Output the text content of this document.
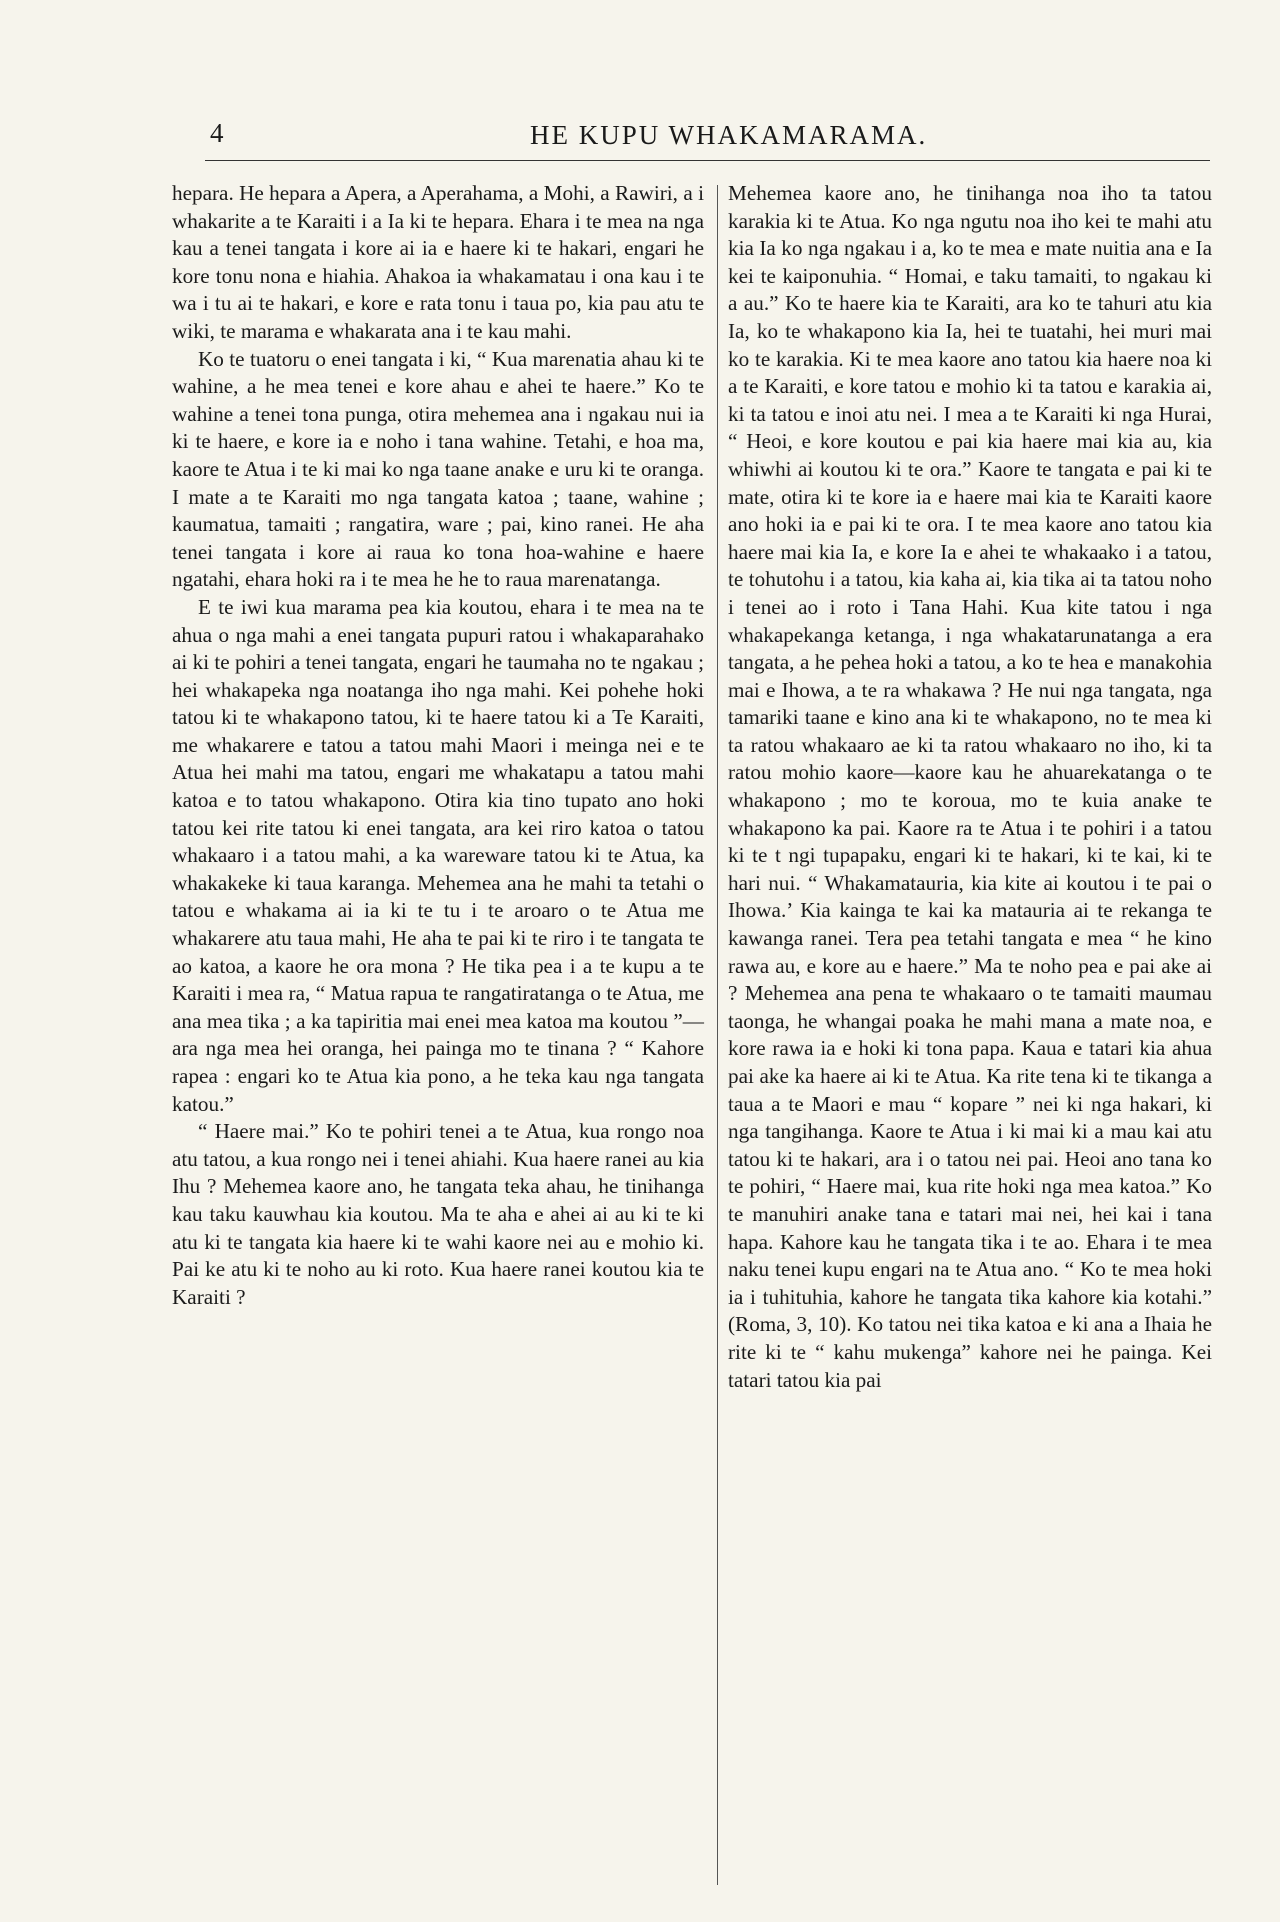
4	HE KUPU WHAKAMARAMA.

hepara. He hepara a Apera, a Aperahama, a Mohi, a Rawiri, a i whakarite a te Karaiti i a Ia ki te hepara. Ehara i te mea na nga kau a tenei tangata i kore ai ia e haere ki te hakari, engari he kore tonu nona e hiahia. Ahakoa ia whakamatau i ona kau i te wa i tu ai te hakari, e kore e rata tonu i taua po, kia pau atu te wiki, te marama e whakarata ana i te kau mahi.

Ko te tuatoru o enei tangata i ki, “ Kua marenatia ahau ki te wahine, a he mea tenei e kore ahau e ahei te haere.” Ko te wahine a tenei tona punga, otira mehemea ana i ngakau nui ia ki te haere, e kore ia e noho i tana wahine. Tetahi, e hoa ma, kaore te Atua i te ki mai ko nga taane anake e uru ki te oranga. I mate a te Karaiti mo nga tangata katoa ; taane, wahine ; kaumatua, tamaiti ; rangatira, ware ; pai, kino ranei. He aha tenei tangata i kore ai raua ko tona hoa-wahine e haere ngatahi, ehara hoki ra i te mea he he to raua marenatanga.

E te iwi kua marama pea kia koutou, ehara i te mea na te ahua o nga mahi a enei tangata pupuri ratou i whakaparahako ai ki te pohiri a tenei tangata, engari he taumaha no te ngakau ; hei whakapeka nga noatanga iho nga mahi. Kei pohehe hoki tatou ki te whakapono tatou, ki te haere tatou ki a Te Karaiti, me whakarere e tatou a tatou mahi Maori i meinga nei e te Atua hei mahi ma tatou, engari me whakatapu a tatou mahi katoa e to tatou whakapono. Otira kia tino tupato ano hoki tatou kei rite tatou ki enei tangata, ara kei riro katoa o tatou whakaaro i a tatou mahi, a ka wareware tatou ki te Atua, ka whakakeke ki taua karanga. Mehemea ana he mahi ta tetahi o tatou e whakama ai ia ki te tu i te aroaro o te Atua me whakarere atu taua mahi, He aha te pai ki te riro i te tangata te ao katoa, a kaore he ora mona ? He tika pea i a te kupu a te Karaiti i mea ra, “ Matua rapua te rangatiratanga o te Atua, me ana mea tika ; a ka tapiritia mai enei mea katoa ma koutou ”—ara nga mea hei oranga, hei painga mo te tinana ? “ Kahore rapea : engari ko te Atua kia pono, a he teka kau nga tangata katou.”

“ Haere mai.” Ko te pohiri tenei a te Atua, kua rongo noa atu tatou, a kua rongo nei i tenei ahiahi. Kua haere ranei au kia Ihu ? Mehemea kaore ano, he tangata teka ahau, he tinihanga kau taku kauwhau kia koutou. Ma te aha e ahei ai au ki te ki atu ki te tangata kia haere ki te wahi kaore nei au e mohio ki. Pai ke atu ki te noho au ki roto. Kua haere ranei koutou kia te Karaiti ?

Mehemea kaore ano, he tinihanga noa iho ta tatou karakia ki te Atua. Ko nga ngutu noa iho kei te mahi atu kia Ia ko nga ngakau i a, ko te mea e mate nuitia ana e Ia kei te kaiponuhia. “ Homai, e taku tamaiti, to ngakau ki a au.” Ko te haere kia te Karaiti, ara ko te tahuri atu kia Ia, ko te whakapono kia Ia, hei te tuatahi, hei muri mai ko te karakia. Ki te mea kaore ano tatou kia haere noa ki a te Karaiti, e kore tatou e mohio ki ta tatou e karakia ai, ki ta tatou e inoi atu nei. I mea a te Karaiti ki nga Hurai, “ Heoi, e kore koutou e pai kia haere mai kia au, kia whiwhi ai koutou ki te ora.” Kaore te tangata e pai ki te mate, otira ki te kore ia e haere mai kia te Karaiti kaore ano hoki ia e pai ki te ora. I te mea kaore ano tatou kia haere mai kia Ia, e kore Ia e ahei te whakaako i a tatou, te tohutohu i a tatou, kia kaha ai, kia tika ai ta tatou noho i tenei ao i roto i Tana Hahi. Kua kite tatou i nga whakapekanga ketanga, i nga whakatarunatanga a era tangata, a he pehea hoki a tatou, a ko te hea e manakohia mai e Ihowa, a te ra whakawa ? He nui nga tangata, nga tamariki taane e kino ana ki te whakapono, no te mea ki ta ratou whakaaro ae ki ta ratou whakaaro no iho, ki ta ratou mohio kaore—kaore kau he ahuarekatanga o te whakapono ; mo te koroua, mo te kuia anake te whakapono ka pai. Kaore ra te Atua i te pohiri i a tatou ki te t ngi tupapaku, engari ki te hakari, ki te kai, ki te hari nui. “ Whakamatauria, kia kite ai koutou i te pai o Ihowa.’ Kia kainga te kai ka matauria ai te rekanga te kawanga ranei. Tera pea tetahi tangata e mea “ he kino rawa au, e kore au e haere.” Ma te noho pea e pai ake ai ? Mehemea ana pena te whakaaro o te tamaiti maumau taonga, he whangai poaka he mahi mana a mate noa, e kore rawa ia e hoki ki tona papa. Kaua e tatari kia ahua pai ake ka haere ai ki te Atua. Ka rite tena ki te tikanga a taua a te Maori e mau “ kopare ” nei ki nga hakari, ki nga tangihanga. Kaore te Atua i ki mai ki a mau kai atu tatou ki te hakari, ara i o tatou nei pai. Heoi ano tana ko te pohiri, “ Haere mai, kua rite hoki nga mea katoa.” Ko te manuhiri anake tana e tatari mai nei, hei kai i tana hapa. Kahore kau he tangata tika i te ao. Ehara i te mea naku tenei kupu engari na te Atua ano. “ Ko te mea hoki ia i tuhituhia, kahore he tangata tika kahore kia kotahi.” (Roma, 3, 10). Ko tatou nei tika katoa e ki ana a Ihaia he rite ki te “ kahu mukenga” kahore nei he painga. Kei tatari tatou kia pai
